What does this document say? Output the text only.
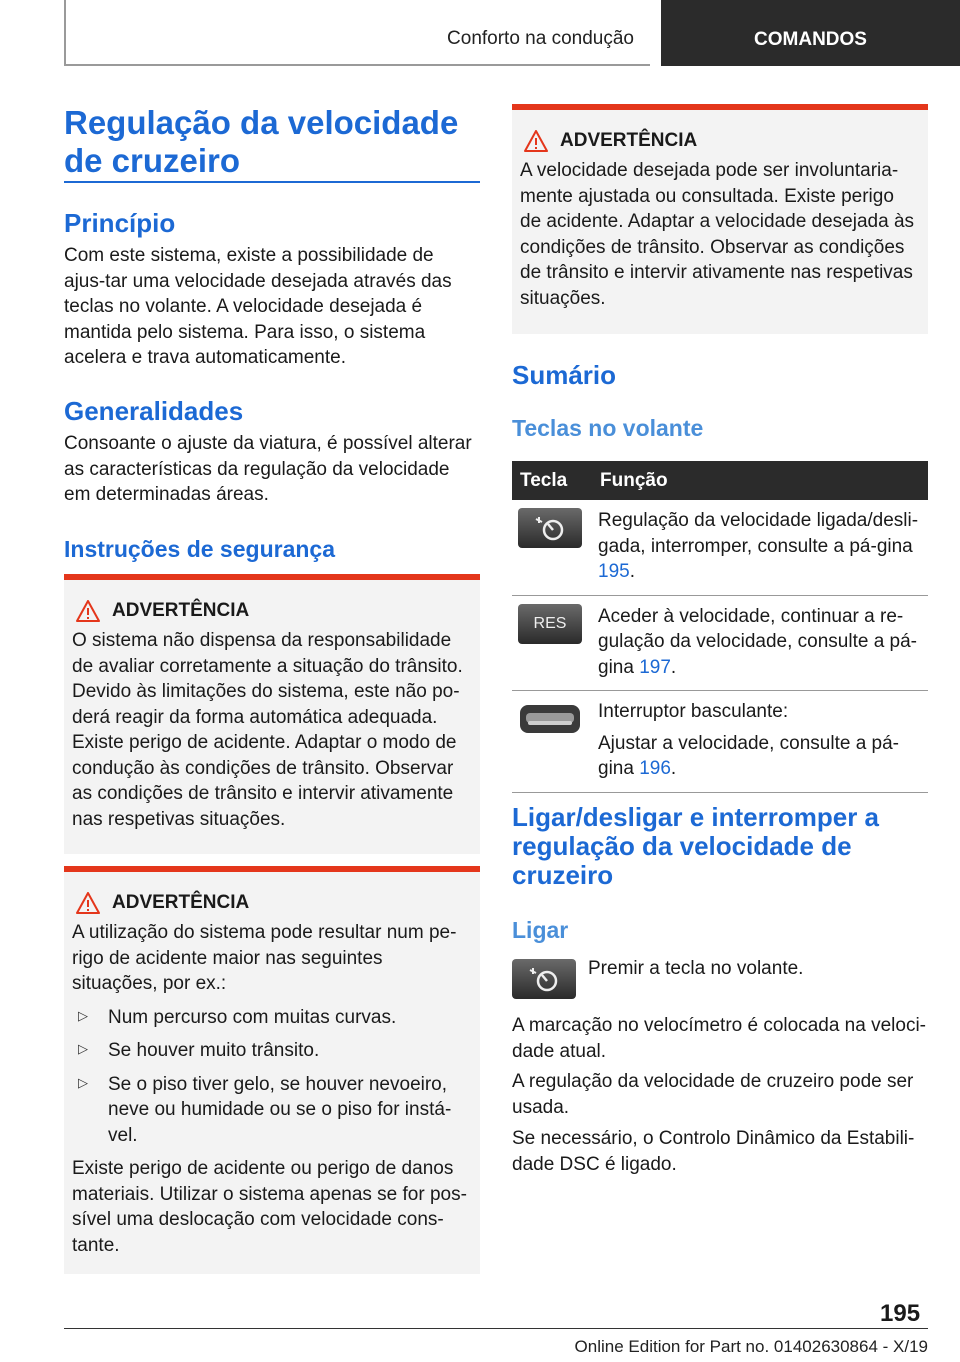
Conforto na condução	COMANDOS
Regulação da velocidade de cruzeiro
Princípio
Com este sistema, existe a possibilidade de ajus-tar uma velocidade desejada através das teclas no volante. A velocidade desejada é mantida pelo sistema. Para isso, o sistema acelera e trava automaticamente.
Generalidades
Consoante o ajuste da viatura, é possível alterar as características da regulação da velocidade em determinadas áreas.
Instruções de segurança
ADVERTÊNCIA
O sistema não dispensa da responsabilidade de avaliar corretamente a situação do trânsito. Devido às limitações do sistema, este não po-derá reagir da forma automática adequada. Existe perigo de acidente. Adaptar o modo de condução às condições de trânsito. Observar as condições de trânsito e intervir ativamente nas respetivas situações.
ADVERTÊNCIA
A utilização do sistema pode resultar num pe-rigo de acidente maior nas seguintes situações, por ex.:
▷	Num percurso com muitas curvas.
▷	Se houver muito trânsito.
▷	Se o piso tiver gelo, se houver nevoeiro, neve ou humidade ou se o piso for instá-vel.
Existe perigo de acidente ou perigo de danos materiais. Utilizar o sistema apenas se for pos-sível uma deslocação com velocidade cons-tante.
ADVERTÊNCIA
A velocidade desejada pode ser involuntaria-mente ajustada ou consultada. Existe perigo de acidente. Adaptar a velocidade desejada às condições de trânsito. Observar as condições de trânsito e intervir ativamente nas respetivas situações.
Sumário
Teclas no volante
Tecla	Função

	Regulação da velocidade ligada/desli-gada, interromper, consulte a pá-gina 195.

RES	Aceder à velocidade, continuar a re-gulação da velocidade, consulte a pá-gina 197.

Interruptor basculante:
Ajustar a velocidade, consulte a pá-gina 196.
Ligar/desligar e interromper a regulação da velocidade de cruzeiro
Ligar
Premir a tecla no volante.
A marcação no velocímetro é colocada na veloci-dade atual.
A regulação da velocidade de cruzeiro pode ser usada.
Se necessário, o Controlo Dinâmico da Estabili-dade DSC é ligado.
195
Online Edition for Part no. 01402630864 - X/19
